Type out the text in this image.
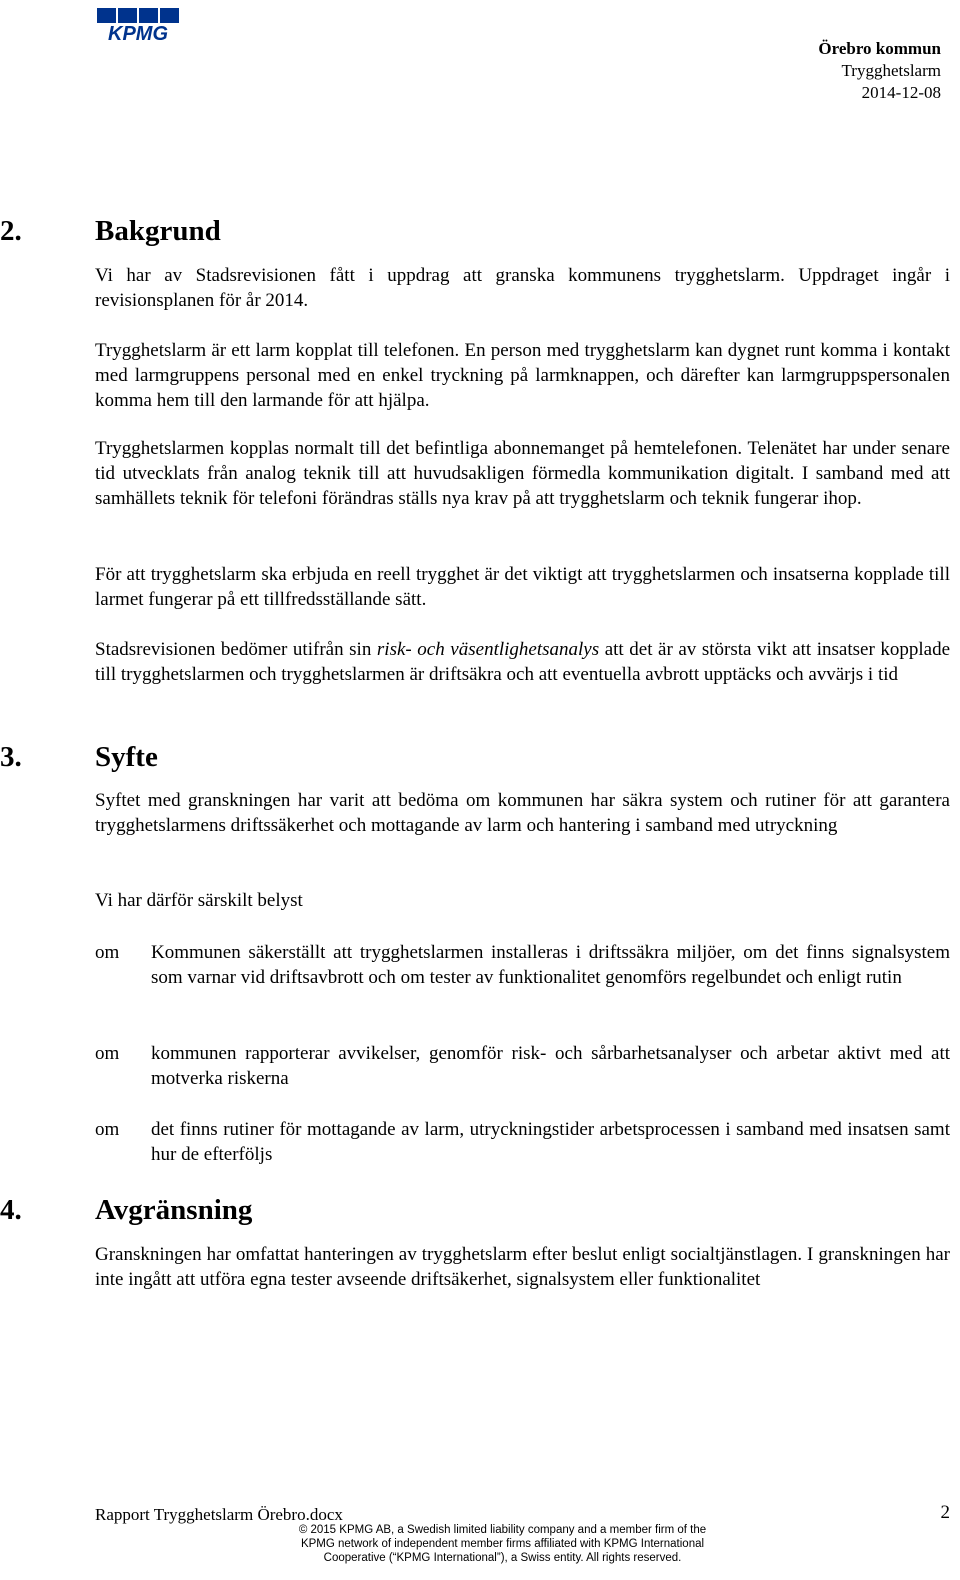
KPMG
Örebro kommun
Trygghetslarm
2014-12-08
2.	Bakgrund

Vi har av Stadsrevisionen fått i uppdrag att granska kommunens trygghetslarm. Uppdraget ingår i revisionsplanen för år 2014.

Trygghetslarm är ett larm kopplat till telefonen. En person med trygghetslarm kan dygnet runt komma i kontakt med larmgruppens personal med en enkel tryckning på larmknappen, och därefter kan larmgruppspersonalen komma hem till den larmande för att hjälpa.

Trygghetslarmen kopplas normalt till det befintliga abonnemanget på hemtelefonen. Telenätet har under senare tid utvecklats från analog teknik till att huvudsakligen förmedla kommunikation digitalt. I samband med att samhällets teknik för telefoni förändras ställs nya krav på att trygghetslarm och teknik fungerar ihop.

För att trygghetslarm ska erbjuda en reell trygghet är det viktigt att trygghetslarmen och insatserna kopplade till larmet fungerar på ett tillfredsställande sätt.

Stadsrevisionen bedömer utifrån sin risk- och väsentlighetsanalys att det är av största vikt att insatser kopplade till trygghetslarmen och trygghetslarmen är driftsäkra och att eventuella avbrott upptäcks och avvärjs i tid

3.	Syfte

Syftet med granskningen har varit att bedöma om kommunen har säkra system och rutiner för att garantera trygghetslarmens driftssäkerhet och mottagande av larm och hantering i samband med utryckning

Vi har därför särskilt belyst

om Kommunen säkerställt att trygghetslarmen installeras i driftssäkra miljöer, om det finns signalsystem som varnar vid driftsavbrott och om tester av funktionalitet genomförs regelbundet och enligt rutin
om kommunen rapporterar avvikelser, genomför risk- och sårbarhetsanalyser och arbetar aktivt med att motverka riskerna
om det finns rutiner för mottagande av larm, utryckningstider arbetsprocessen i samband med insatsen samt hur de efterföljs
4.	Avgränsning

Granskningen har omfattat hanteringen av trygghetslarm efter beslut enligt socialtjänstlagen. I granskningen har inte ingått att utföra egna tester avseende driftsäkerhet, signalsystem eller funktionalitet

Rapport Trygghetslarm Örebro.docx	2
© 2015 KPMG AB, a Swedish limited liability company and a member firm of the
KPMG network of independent member firms affiliated with KPMG International
Cooperative (“KPMG International”), a Swiss entity. All rights reserved.
